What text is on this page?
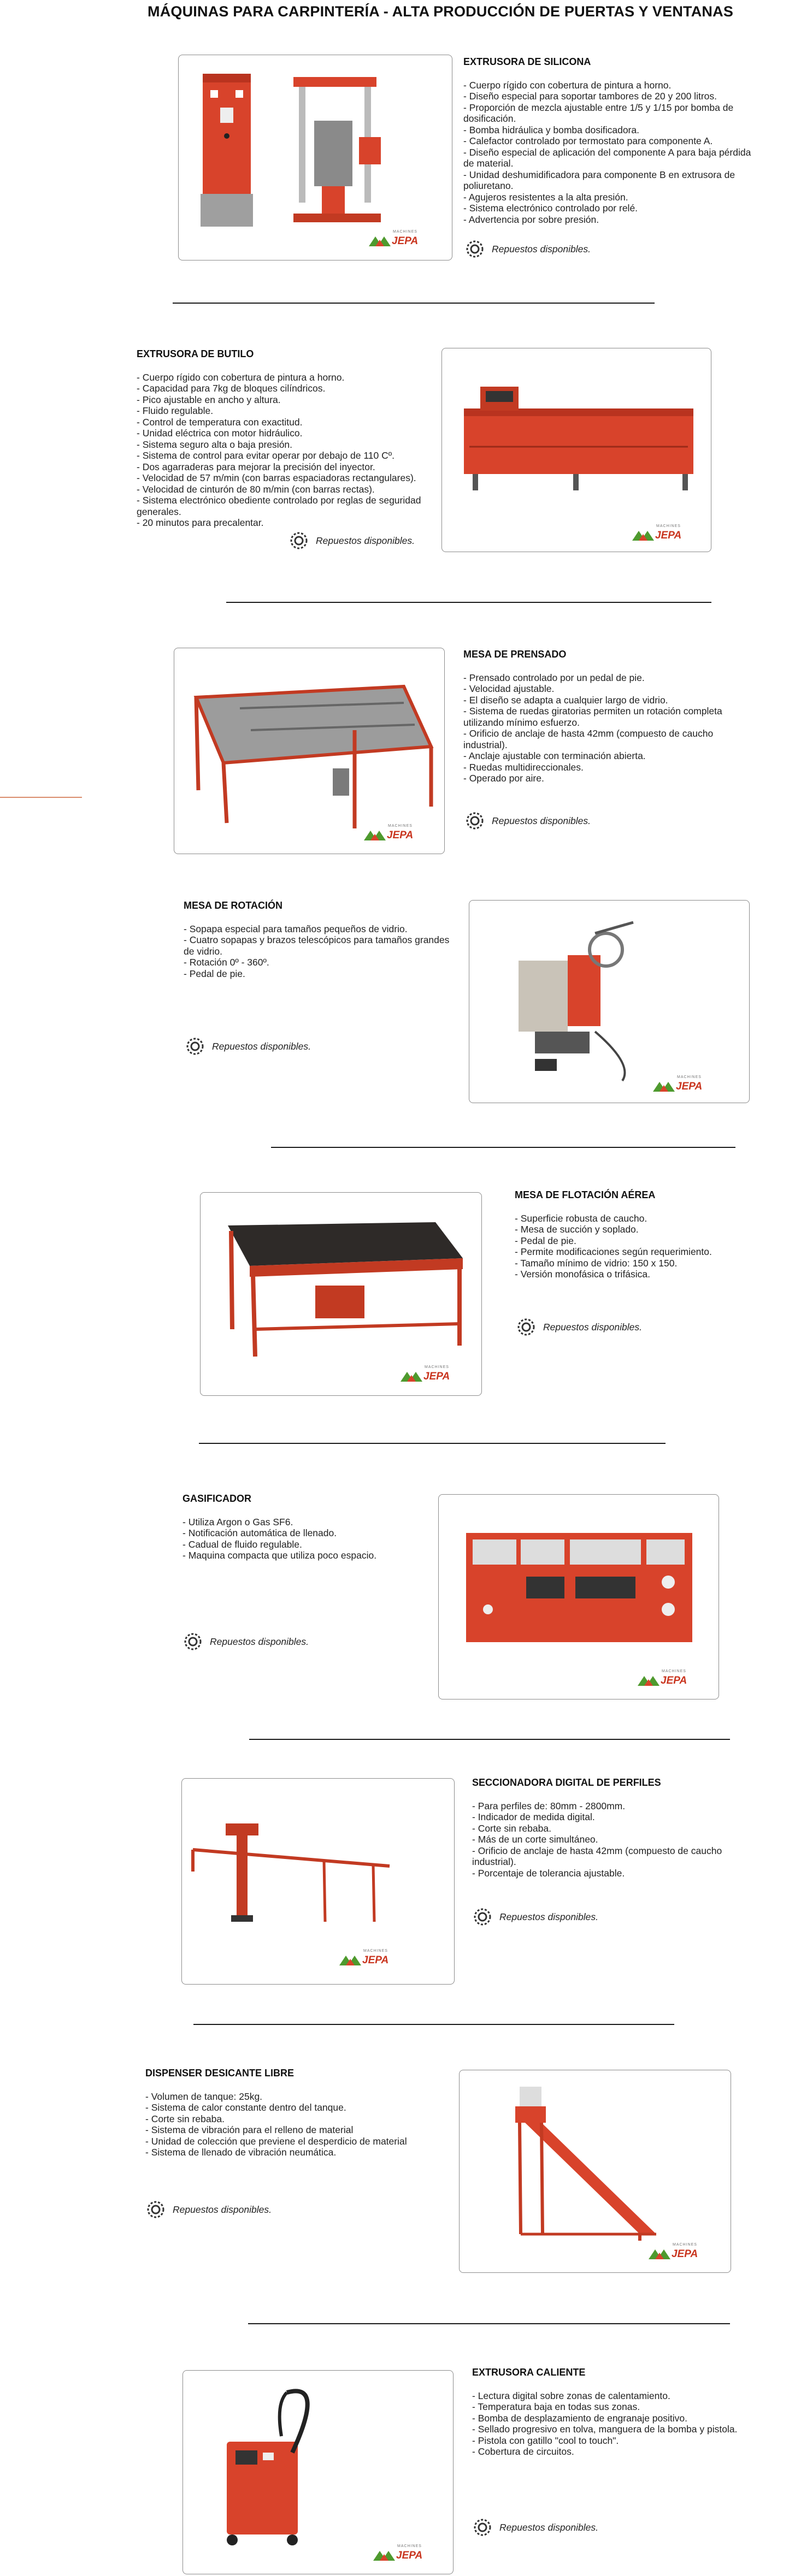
MÁQUINAS PARA CARPINTERÍA - ALTA PRODUCCIÓN DE PUERTAS Y VENTANAS
MACHINES
JEPA
EXTRUSORA DE SILICONA
- Cuerpo rígido con cobertura de pintura a horno.
- Diseño especial para soportar tambores de 20 y 200 litros.
- Proporción de mezcla ajustable entre 1/5 y 1/15 por bomba de dosificación.
- Bomba hidráulica y bomba dosificadora.
- Calefactor controlado por termostato para componente A.
- Diseño especial de aplicación del componente A para baja pérdida de material.
- Unidad deshumidificadora para componente B en extrusora de poliuretano.
- Agujeros resistentes a la alta presión.
- Sistema electrónico controlado por relé.
- Advertencia por sobre presión.
Repuestos disponibles.
EXTRUSORA DE BUTILO
- Cuerpo rígido con cobertura de pintura a horno.
- Capacidad para 7kg de bloques cilíndricos.
- Pico ajustable en ancho y altura.
- Fluido regulable.
- Control de temperatura con exactitud.
- Unidad eléctrica con motor hidráulico.
- Sistema seguro alta o baja presión.
- Sistema de control para evitar operar por debajo de 110 Cº.
- Dos agarraderas para mejorar la precisión del inyector.
- Velocidad de 57 m/min (con barras espaciadoras rectangulares).
- Velocidad de cinturón de 80 m/min (con barras rectas).
- Sistema electrónico obediente controlado por reglas de seguridad generales.
- 20 minutos para precalentar.
Repuestos disponibles.
MACHINES
JEPA
MACHINES
JEPA
MESA DE PRENSADO
- Prensado controlado por un pedal de pie.
- Velocidad ajustable.
- El diseño se adapta a cualquier largo de vidrio.
- Sistema de ruedas giratorias permiten un rotación completa utilizando mínimo esfuerzo.
- Orificio de anclaje de hasta 42mm (compuesto de caucho industrial).
- Anclaje ajustable con terminación abierta.
- Ruedas multidireccionales.
- Operado por aire.
Repuestos disponibles.
MESA DE ROTACIÓN
- Sopapa especial para tamaños pequeños de vidrio.
- Cuatro sopapas y brazos telescópicos para tamaños grandes de vidrio.
- Rotación 0º - 360º.
- Pedal de pie.
Repuestos disponibles.
MACHINES
JEPA
MACHINES
JEPA
MESA DE FLOTACIÓN AÉREA
- Superficie robusta de caucho.
- Mesa de succión y soplado.
- Pedal de pie.
- Permite modificaciones según requerimiento.
- Tamaño mínimo de vidrio: 150 x 150.
- Versión monofásica o trifásica.
Repuestos disponibles.
GASIFICADOR
- Utiliza Argon o Gas SF6.
- Notificación automática de llenado.
- Cadual de fluido regulable.
- Maquina compacta que utiliza poco espacio.
Repuestos disponibles.
MACHINES
JEPA
MACHINES
JEPA
SECCIONADORA DIGITAL DE PERFILES
- Para perfiles de: 80mm - 2800mm.
- Indicador de medida digital.
- Corte sin rebaba.
- Más de un corte simultáneo.
- Orificio de anclaje de hasta 42mm (compuesto de caucho industrial).
- Porcentaje de tolerancia ajustable.
Repuestos disponibles.
DISPENSER DESICANTE LIBRE
- Volumen de tanque: 25kg.
- Sistema de calor constante dentro del tanque.
- Corte sin rebaba.
- Sistema de vibración para el relleno de material
- Unidad de colección que previene el desperdicio de material
- Sistema de llenado de vibración neumática.
Repuestos disponibles.
MACHINES
JEPA
MACHINES
JEPA
EXTRUSORA CALIENTE
- Lectura digital sobre zonas de calentamiento.
- Temperatura baja en todas sus zonas.
- Bomba de desplazamiento de engranaje positivo.
- Sellado progresivo en tolva, manguera de la bomba y pistola.
- Pistola con gatillo "cool to touch".
- Cobertura de circuitos.
Repuestos disponibles.
